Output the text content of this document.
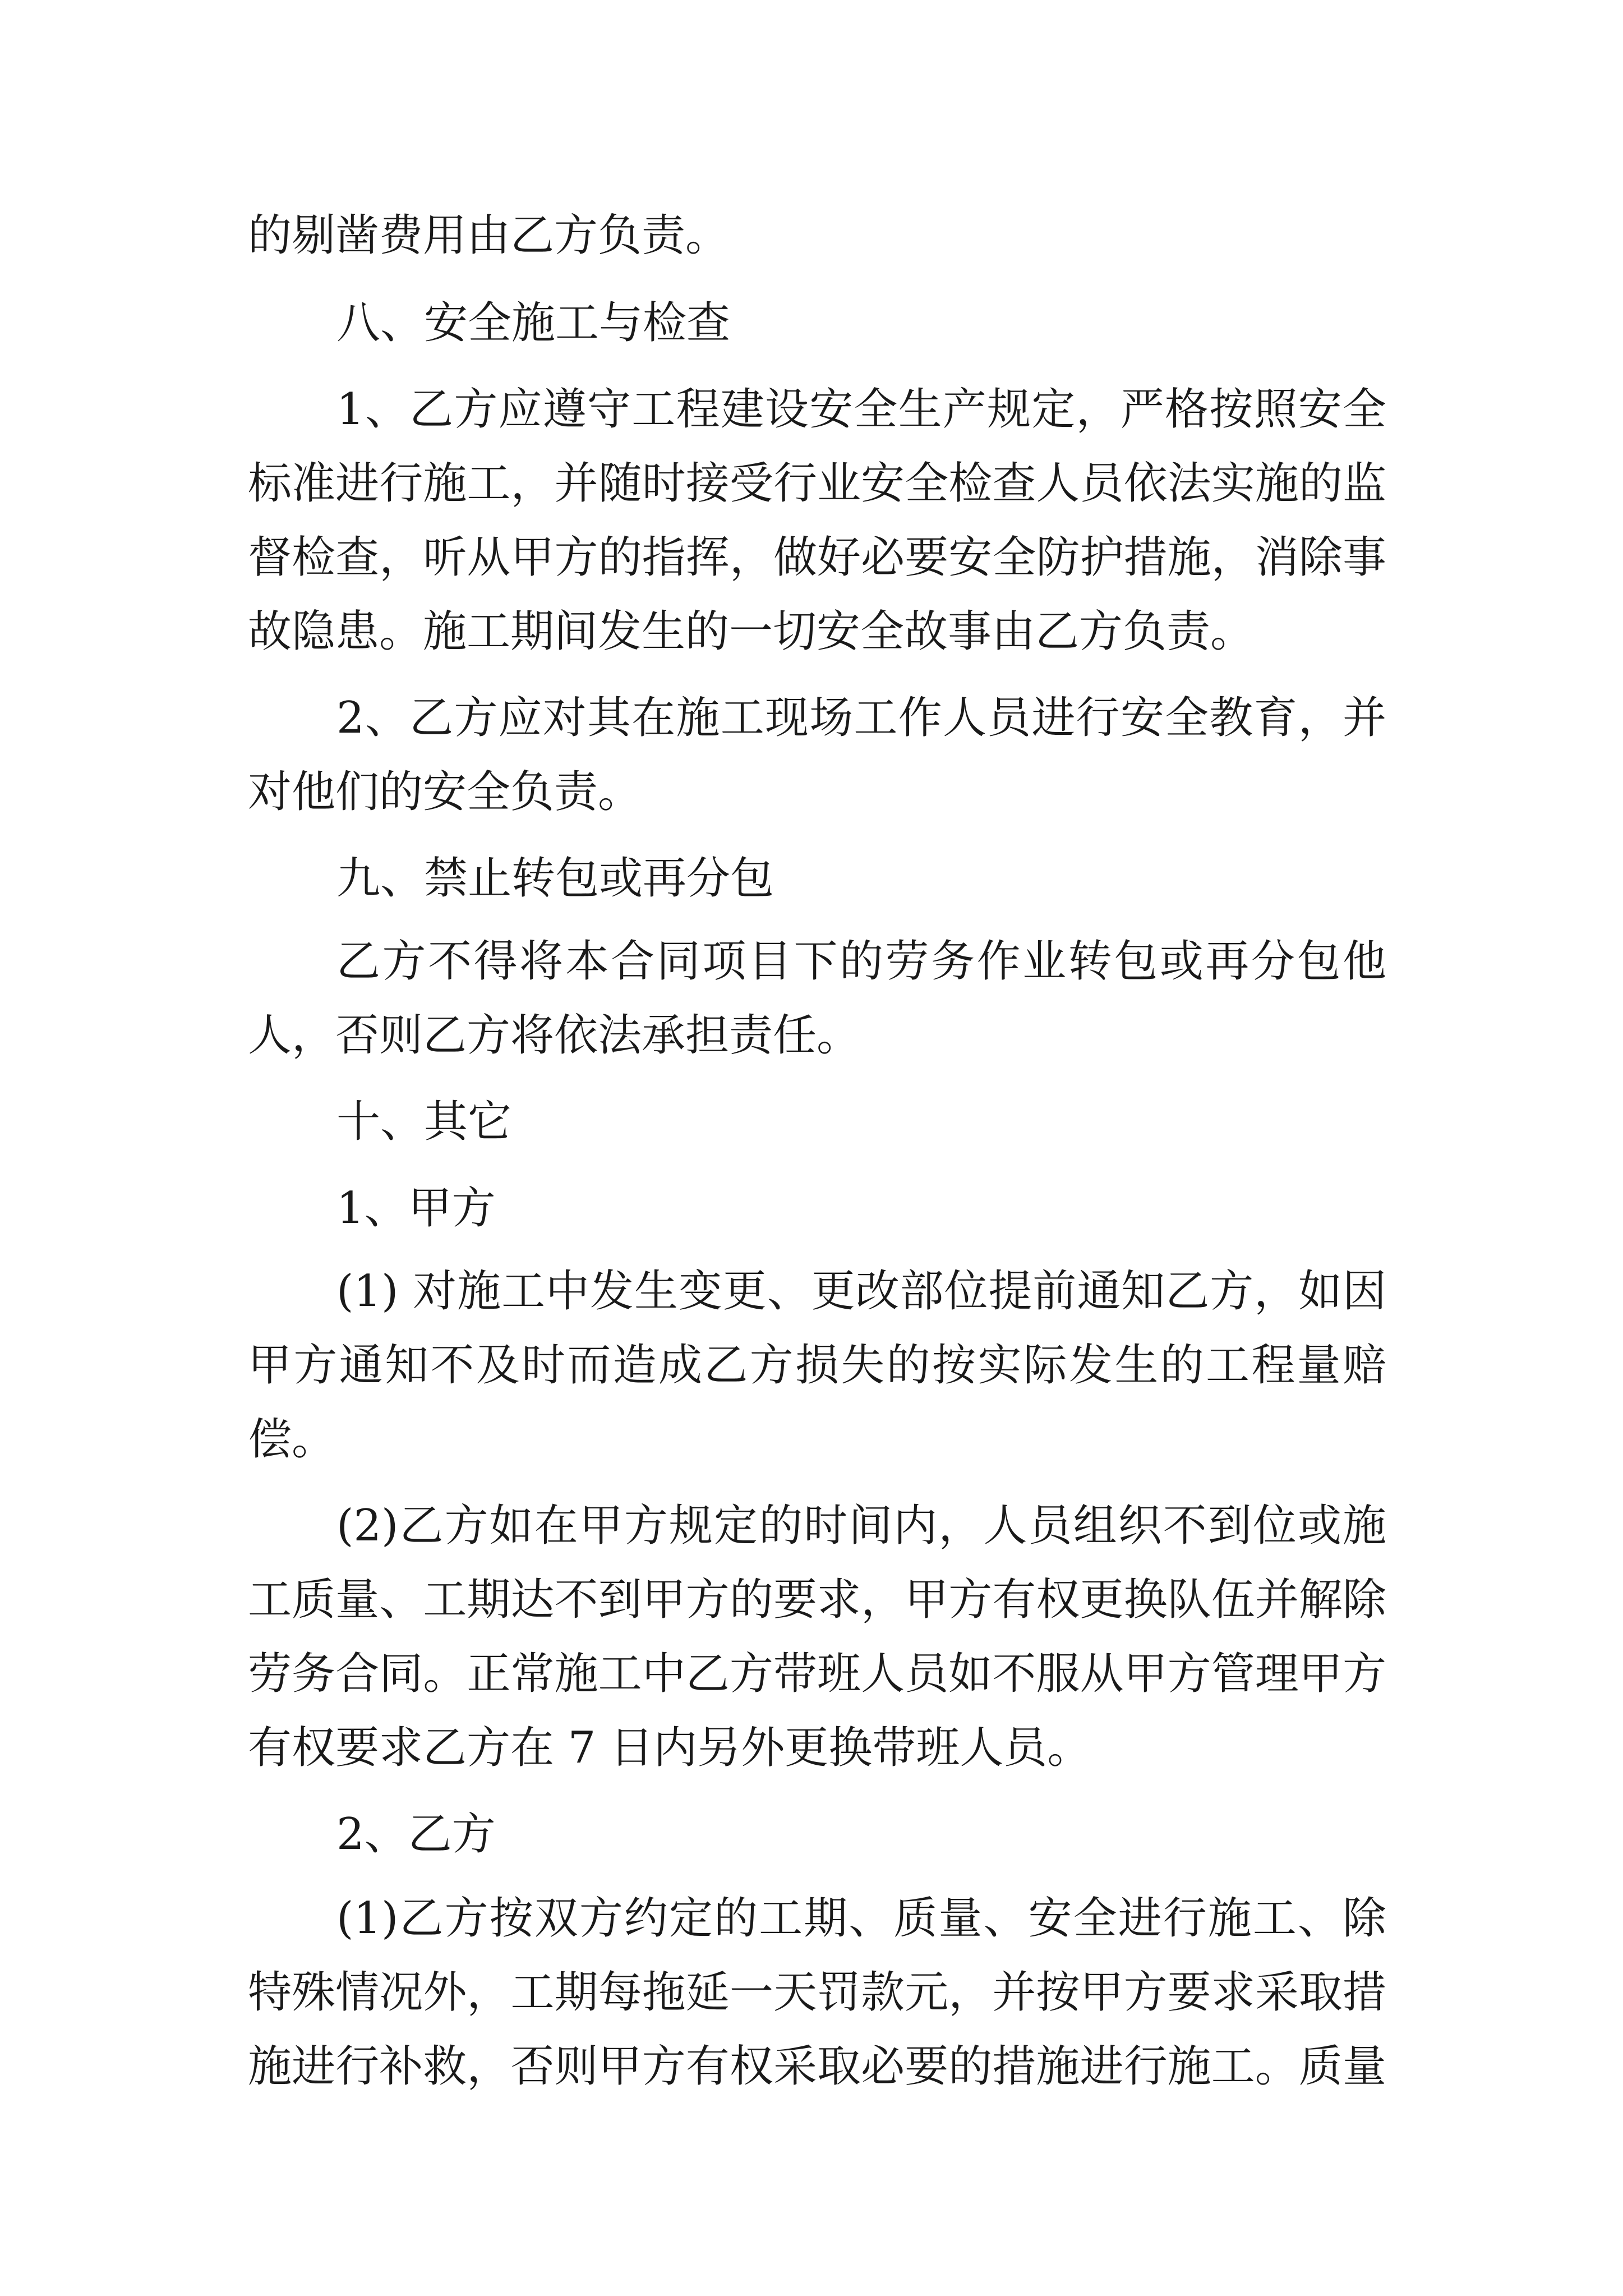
的剔凿费用由乙方负责。

八、安全施工与检查

1、乙方应遵守工程建设安全生产规定，严格按照安全

标准进行施工，并随时接受行业安全检查人员依法实施的监

督检查，听从甲方的指挥，做好必要安全防护措施，消除事

故隐患。施工期间发生的一切安全故事由乙方负责。

2、乙方应对其在施工现场工作人员进行安全教育，并

对他们的安全负责。

九、禁止转包或再分包

乙方不得将本合同项目下的劳务作业转包或再分包他

人，否则乙方将依法承担责任。

十、其它

1、甲方

(1) 对施工中发生变更、更改部位提前通知乙方，如因

甲方通知不及时而造成乙方损失的按实际发生的工程量赔

偿。

(2)乙方如在甲方规定的时间内，人员组织不到位或施

工质量、工期达不到甲方的要求，甲方有权更换队伍并解除

劳务合同。正常施工中乙方带班人员如不服从甲方管理甲方

有权要求乙方在 7 日内另外更换带班人员。

2、乙方

(1)乙方按双方约定的工期、质量、安全进行施工、除

特殊情况外，工期每拖延一天罚款元，并按甲方要求采取措

施进行补救，否则甲方有权采取必要的措施进行施工。质量
